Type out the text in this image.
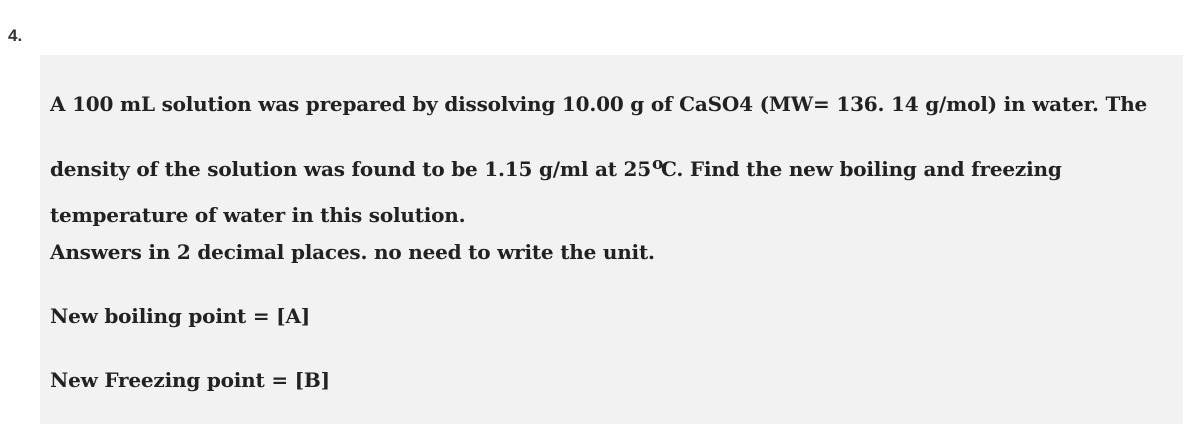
4.
A 100 mL solution was prepared by dissolving 10.00 g of CaSO4 (MW= 136. 14 g/mol) in water. The
density of the solution was found to be 1.15 g/ml at 25 o
C. Find the new boiling and freezing
temperature of water in this solution.
Answers in 2 decimal places. no need to write the unit.
New boiling point = [A]
New Freezing point = [B]
